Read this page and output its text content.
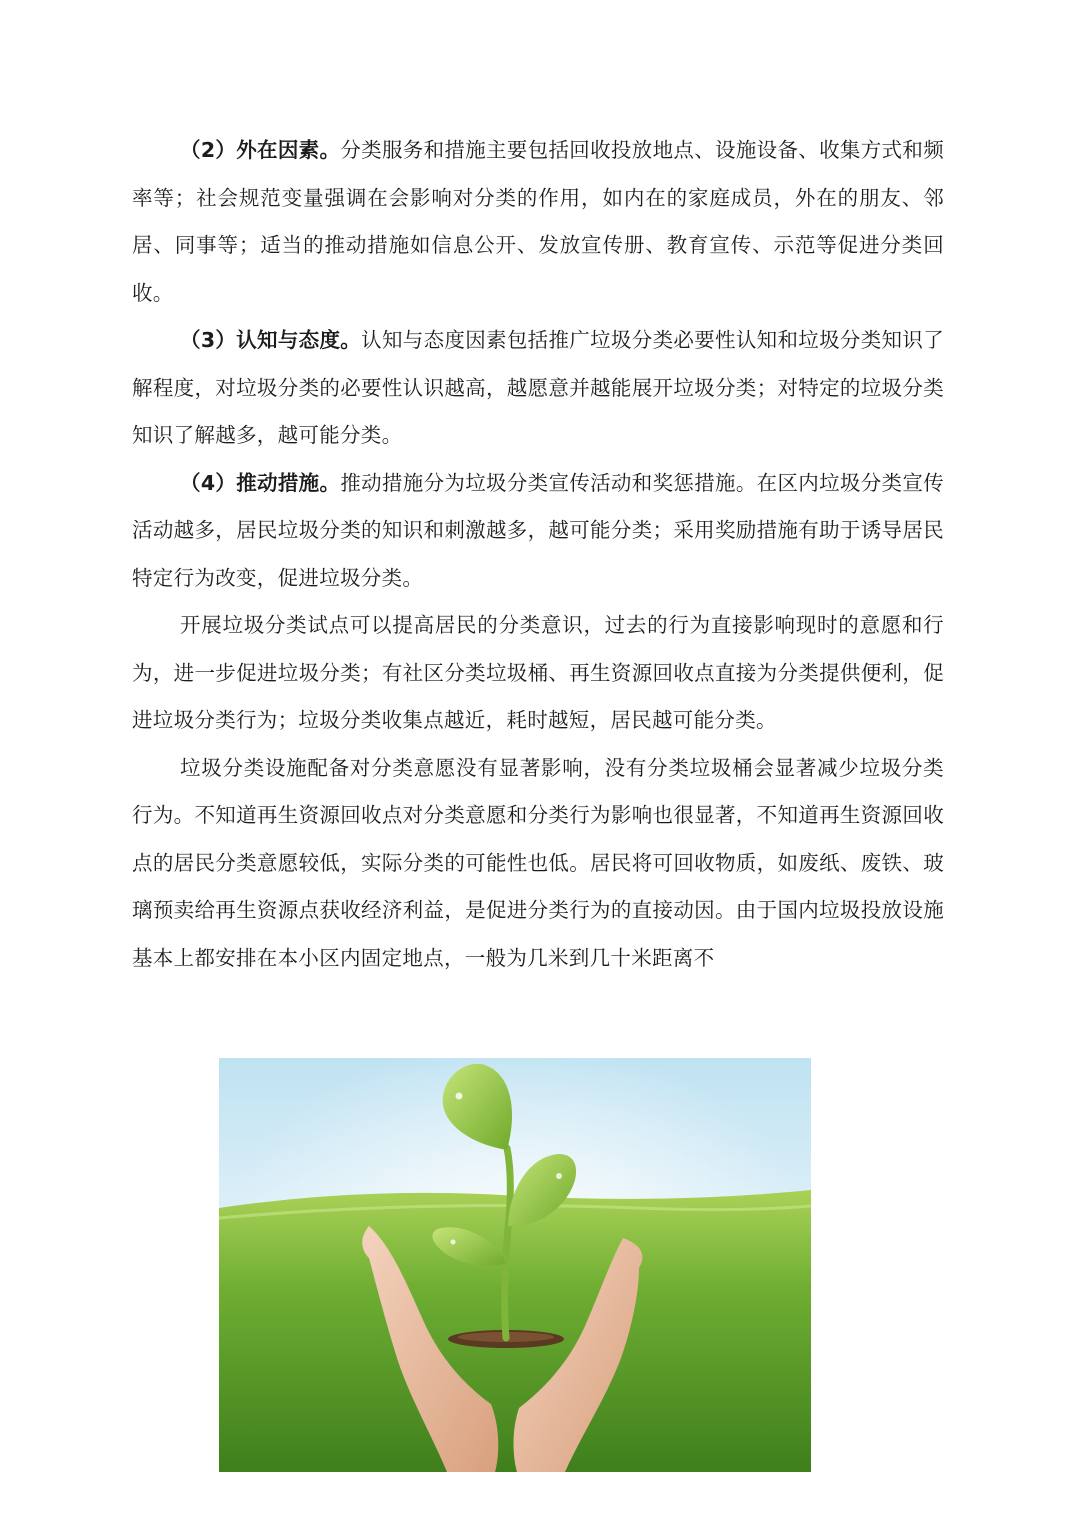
（2）外在因素。分类服务和措施主要包括回收投放地点、设施设备、收集方式和频率等；社会规范变量强调在会影响对分类的作用，如内在的家庭成员，外在的朋友、邻居、同事等；适当的推动措施如信息公开、发放宣传册、教育宣传、示范等促进分类回收。

（3）认知与态度。认知与态度因素包括推广垃圾分类必要性认知和垃圾分类知识了解程度，对垃圾分类的必要性认识越高，越愿意并越能展开垃圾分类；对特定的垃圾分类知识了解越多，越可能分类。

（4）推动措施。推动措施分为垃圾分类宣传活动和奖惩措施。在区内垃圾分类宣传活动越多，居民垃圾分类的知识和刺激越多，越可能分类；采用奖励措施有助于诱导居民特定行为改变，促进垃圾分类。

开展垃圾分类试点可以提高居民的分类意识，过去的行为直接影响现时的意愿和行为，进一步促进垃圾分类；有社区分类垃圾桶、再生资源回收点直接为分类提供便利，促进垃圾分类行为；垃圾分类收集点越近，耗时越短，居民越可能分类。

垃圾分类设施配备对分类意愿没有显著影响，没有分类垃圾桶会显著减少垃圾分类行为。不知道再生资源回收点对分类意愿和分类行为影响也很显著，不知道再生资源回收点的居民分类意愿较低，实际分类的可能性也低。居民将可回收物质，如废纸、废铁、玻璃预卖给再生资源点获收经济利益，是促进分类行为的直接动因。由于国内垃圾投放设施基本上都安排在本小区内固定地点，一般为几米到几十米距离不
